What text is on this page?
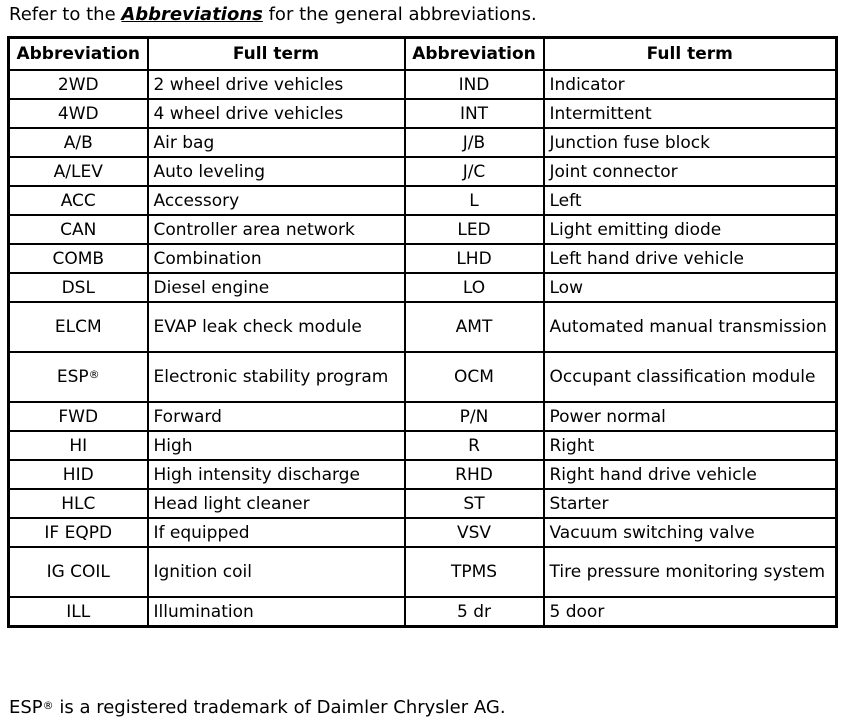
Refer to the Abbreviations for the general abbreviations.
Abbreviation	Full term	Abbreviation	Full term
2WD	2 wheel drive vehicles	IND	Indicator
4WD	4 wheel drive vehicles	INT	Intermittent
A/B	Air bag	J/B	Junction fuse block
A/LEV	Auto leveling	J/C	Joint connector
ACC	Accessory	L	Left
CAN	Controller area network	LED	Light emitting diode
COMB	Combination	LHD	Left hand drive vehicle
DSL	Diesel engine	LO	Low
ELCM	EVAP leak check module	AMT	Automated manual transmission
ESP®	Electronic stability program	OCM	Occupant classification module
FWD	Forward	P/N	Power normal
HI	High	R	Right
HID	High intensity discharge	RHD	Right hand drive vehicle
HLC	Head light cleaner	ST	Starter
IF EQPD	If equipped	VSV	Vacuum switching valve
IG COIL	Ignition coil	TPMS	Tire pressure monitoring system
ILL	Illumination	5 dr	5 door
ESP® is a registered trademark of Daimler Chrysler AG.
